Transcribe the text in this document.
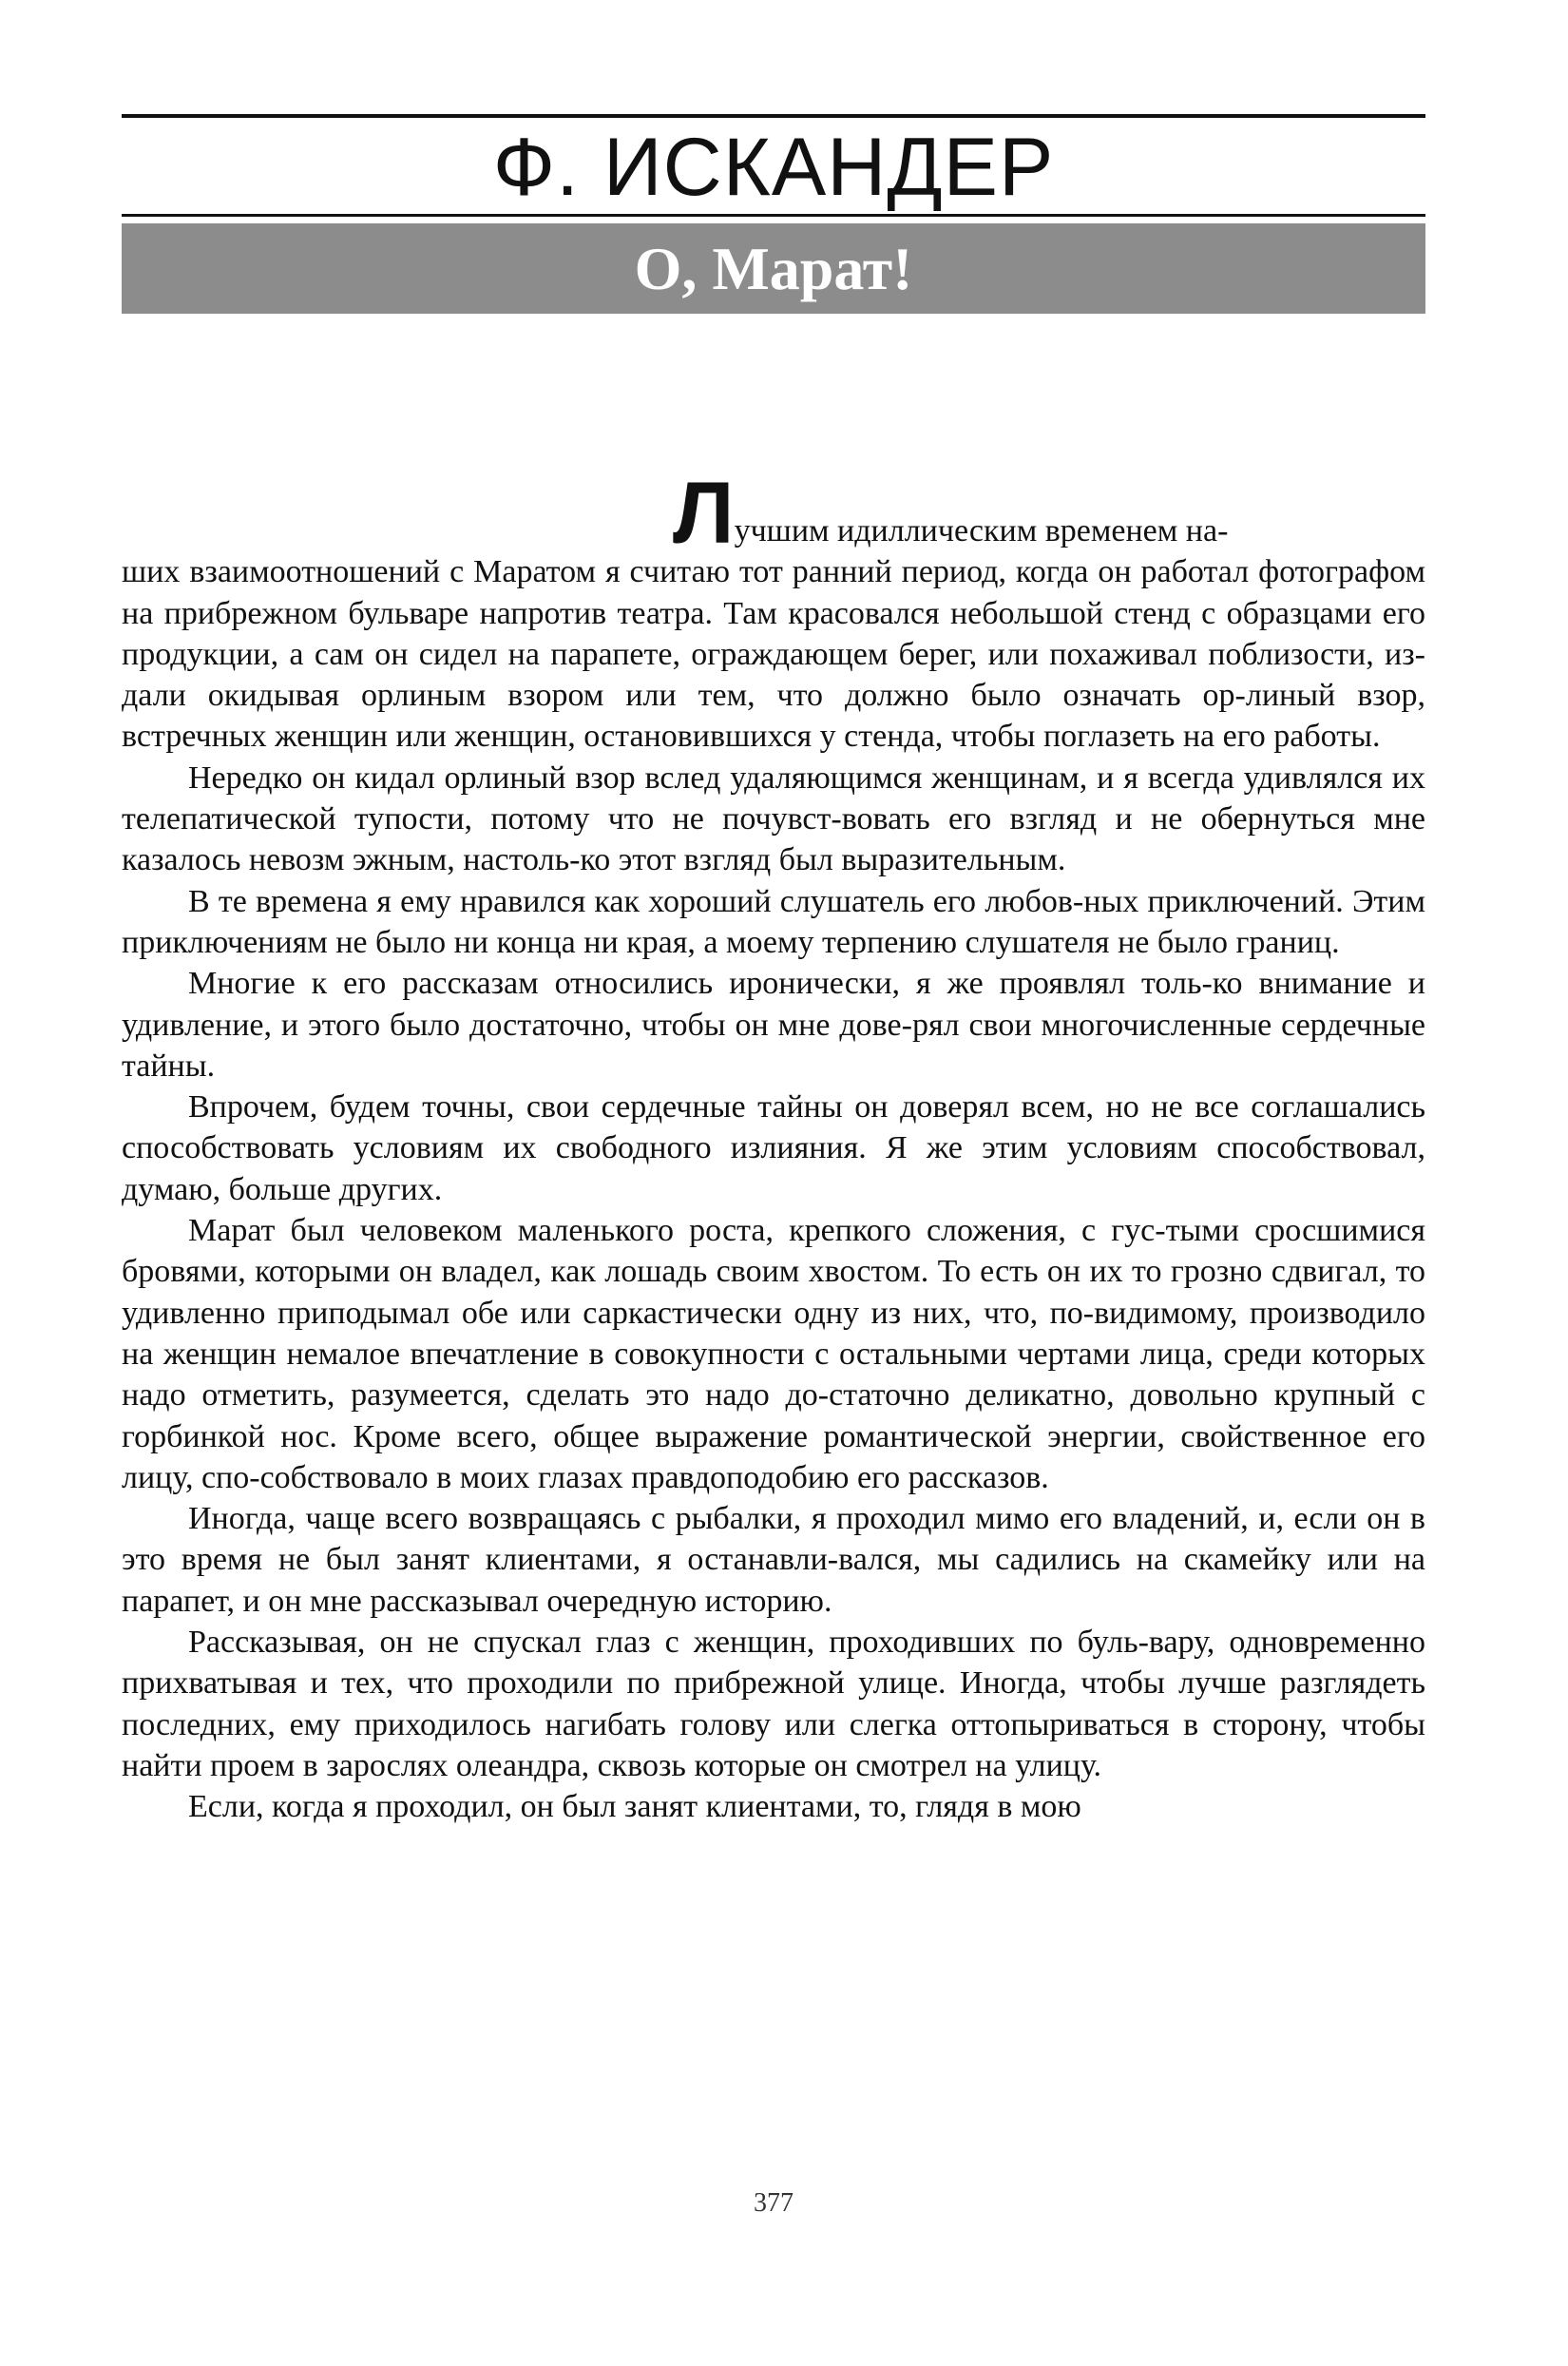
Ф. ИСКАНДЕР
О, Марат!

Лучшим идиллическим временем на-

ших взаимоотношений с Маратом я считаю тот ранний период, когда он работал фотографом на прибрежном бульваре напротив театра. Там красовался небольшой стенд с образцами его продукции, а сам он сидел на парапете, ограждающем берег, или похаживал поблизости, из-дали окидывая орлиным взором или тем, что должно было означать ор-линый взор, встречных женщин или женщин, остановившихся у стенда, чтобы поглазеть на его работы.

Нередко он кидал орлиный взор вслед удаляющимся женщинам, и я всегда удивлялся их телепатической тупости, потому что не почувст-вовать его взгляд и не обернуться мне казалось невозм эжным, настоль-ко этот взгляд был выразительным.

В те времена я ему нравился как хороший слушатель его любов-ных приключений. Этим приключениям не было ни конца ни края, а моему терпению слушателя не было границ.

Многие к его рассказам относились иронически, я же проявлял толь-ко внимание и удивление, и этого было достаточно, чтобы он мне дове-рял свои многочисленные сердечные тайны.

Впрочем, будем точны, свои сердечные тайны он доверял всем, но не все соглашались способствовать условиям их свободного излияния. Я же этим условиям способствовал, думаю, больше других.

Марат был человеком маленького роста, крепкого сложения, с гус-тыми сросшимися бровями, которыми он владел, как лошадь своим хвостом. То есть он их то грозно сдвигал, то удивленно приподымал обе или саркастически одну из них, что, по-видимому, производило на женщин немалое впечатление в совокупности с остальными чертами лица, среди которых надо отметить, разумеется, сделать это надо до-статочно деликатно, довольно крупный с горбинкой нос. Кроме всего, общее выражение романтической энергии, свойственное его лицу, спо-собствовало в моих глазах правдоподобию его рассказов.

Иногда, чаще всего возвращаясь с рыбалки, я проходил мимо его владений, и, если он в это время не был занят клиентами, я останавли-вался, мы садились на скамейку или на парапет, и он мне рассказывал очередную историю.

Рассказывая, он не спускал глаз с женщин, проходивших по буль-вару, одновременно прихватывая и тех, что проходили по прибрежной улице. Иногда, чтобы лучше разглядеть последних, ему приходилось нагибать голову или слегка оттопыриваться в сторону, чтобы найти проем в зарослях олеандра, сквозь которые он смотрел на улицу.

Если, когда я проходил, он был занят клиентами, то, глядя в мою

377
